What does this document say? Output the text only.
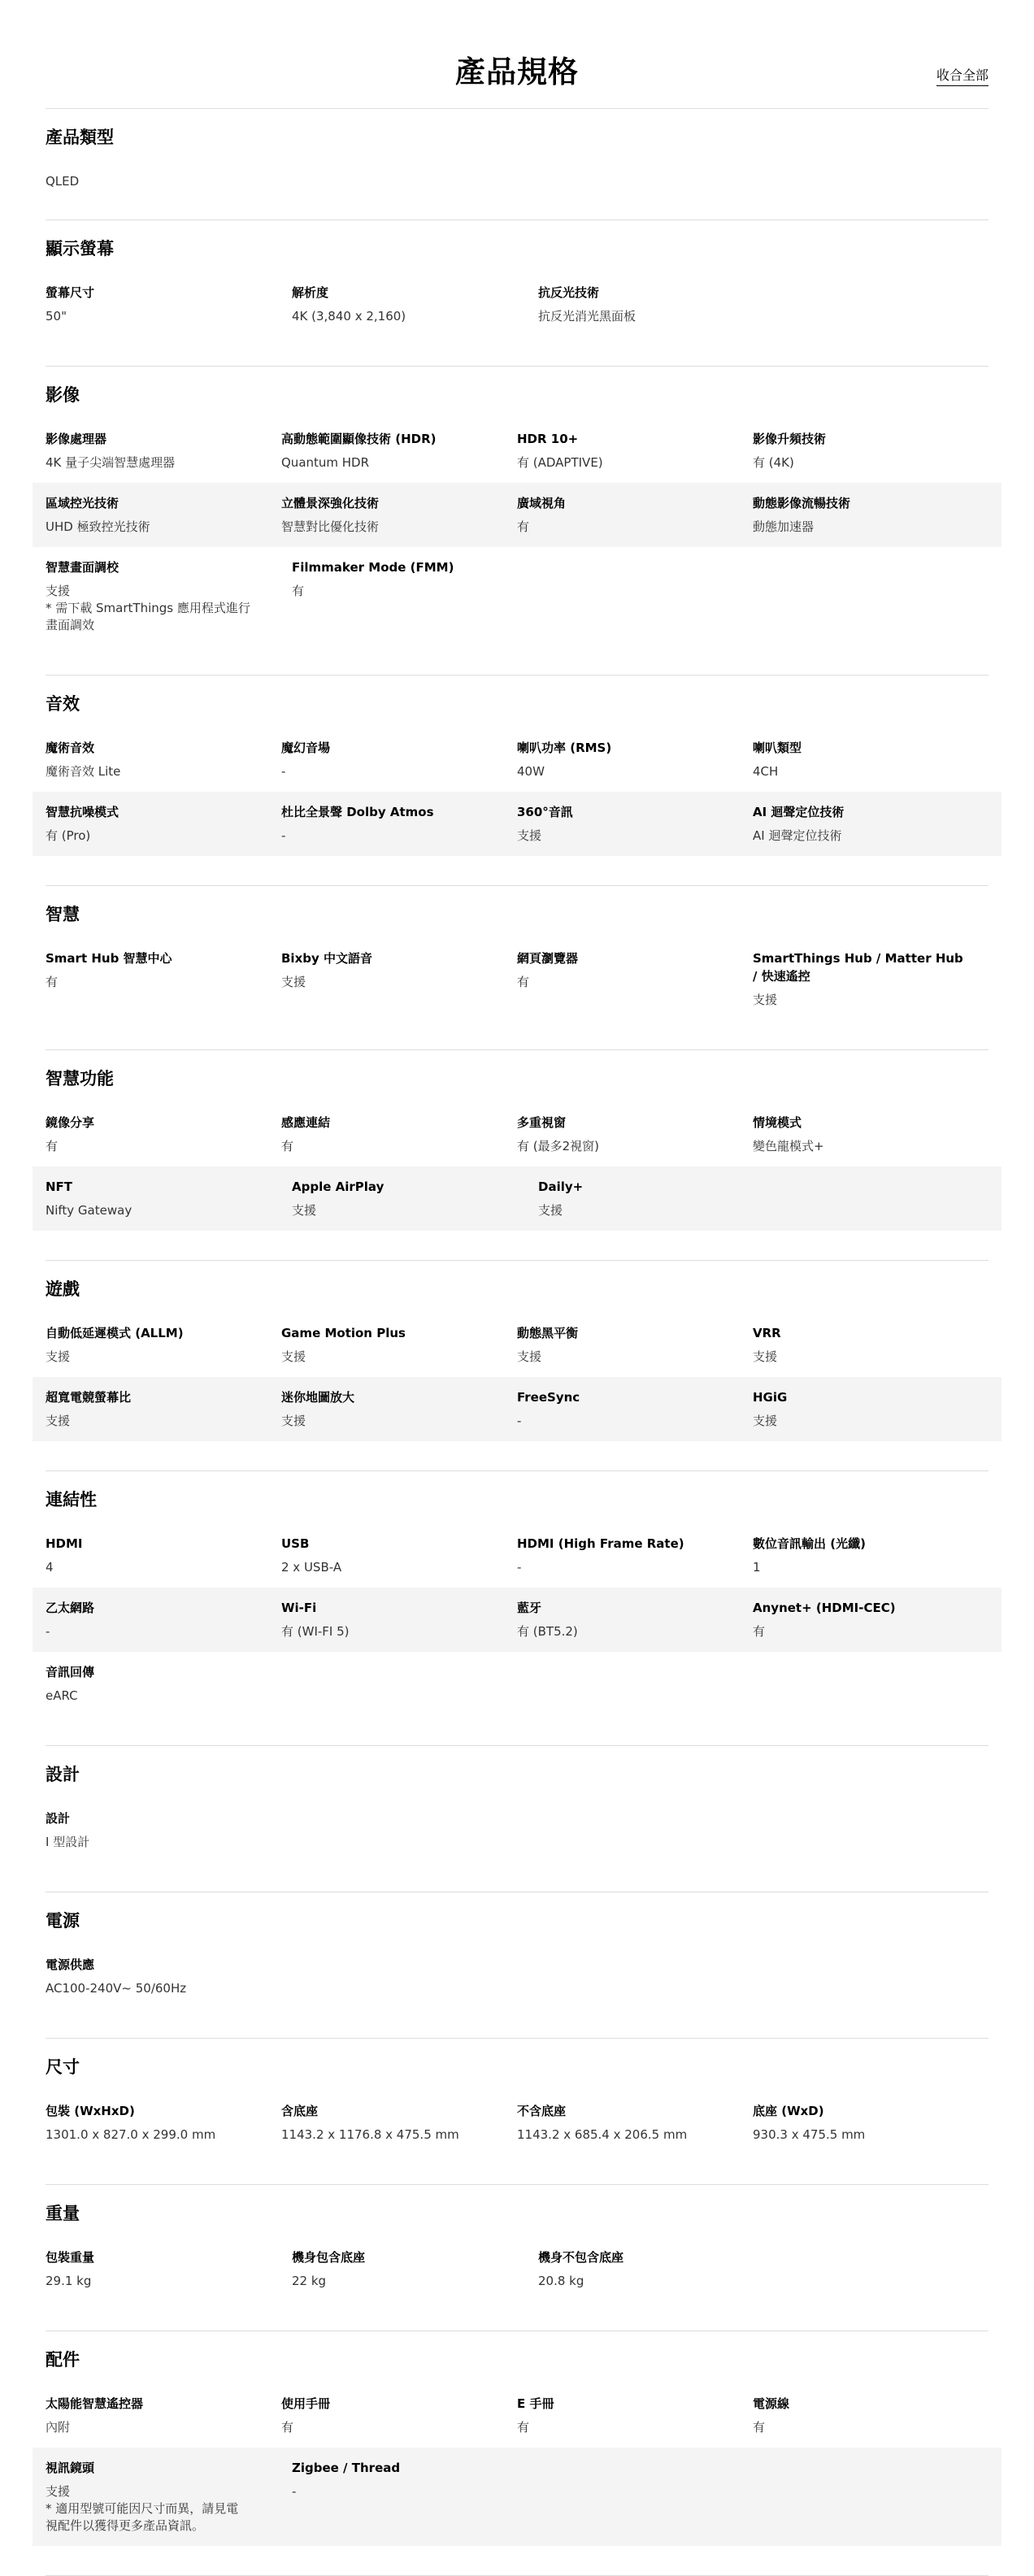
產品規格	收合全部
產品類型
QLED
顯示螢幕
螢幕尺寸
50"
解析度
4K (3,840 x 2,160)
抗反光技術
抗反光消光黑面板
影像
影像處理器
4K 量子尖端智慧處理器
高動態範圍顯像技術 (HDR)
Quantum HDR
HDR 10+
有 (ADAPTIVE)
影像升頻技術
有 (4K)
區域控光技術
UHD 極致控光技術
立體景深強化技術
智慧對比優化技術
廣域視角
有
動態影像流暢技術
動態加速器
智慧畫面調校
支援
* 需下載 SmartThings 應用程式進行
畫面調效
Filmmaker Mode (FMM)
有
音效
魔術音效
魔術音效 Lite
魔幻音場
-
喇叭功率 (RMS)
40W
喇叭類型
4CH
智慧抗噪模式
有 (Pro)
杜比全景聲 Dolby Atmos
-
360°音訊
支援
AI 迴聲定位技術
AI 迴聲定位技術
智慧
Smart Hub 智慧中心
有
Bixby 中文語音
支援
網頁瀏覽器
有
SmartThings Hub / Matter Hub / 快速遙控
支援
智慧功能
鏡像分享
有
感應連結
有
多重視窗
有 (最多2視窗)
情境模式
變色龍模式+
NFT
Nifty Gateway
Apple AirPlay
支援
Daily+
支援
遊戲
自動低延遲模式 (ALLM)
支援
Game Motion Plus
支援
動態黑平衡
支援
VRR
支援
超寬電競螢幕比
支援
迷你地圖放大
支援
FreeSync
-
HGiG
支援
連結性
HDMI
4
USB
2 x USB-A
HDMI (High Frame Rate)
-
數位音訊輸出 (光纖)
1
乙太網路
-
Wi-Fi
有 (WI-FI 5)
藍牙
有 (BT5.2)
Anynet+ (HDMI-CEC)
有
音訊回傳
eARC
設計
設計
I 型設計
電源
電源供應
AC100-240V~ 50/60Hz
尺寸
包裝 (WxHxD)
1301.0 x 827.0 x 299.0 mm
含底座
1143.2 x 1176.8 x 475.5 mm
不含底座
1143.2 x 685.4 x 206.5 mm
底座 (WxD)
930.3 x 475.5 mm
重量
包裝重量
29.1 kg
機身包含底座
22 kg
機身不包含底座
20.8 kg
配件
太陽能智慧遙控器
內附
使用手冊
有
E 手冊
有
電源線
有
視訊鏡頭
支援
* 適用型號可能因尺寸而異，請見電
視配件以獲得更多產品資訊。
Zigbee / Thread
-
